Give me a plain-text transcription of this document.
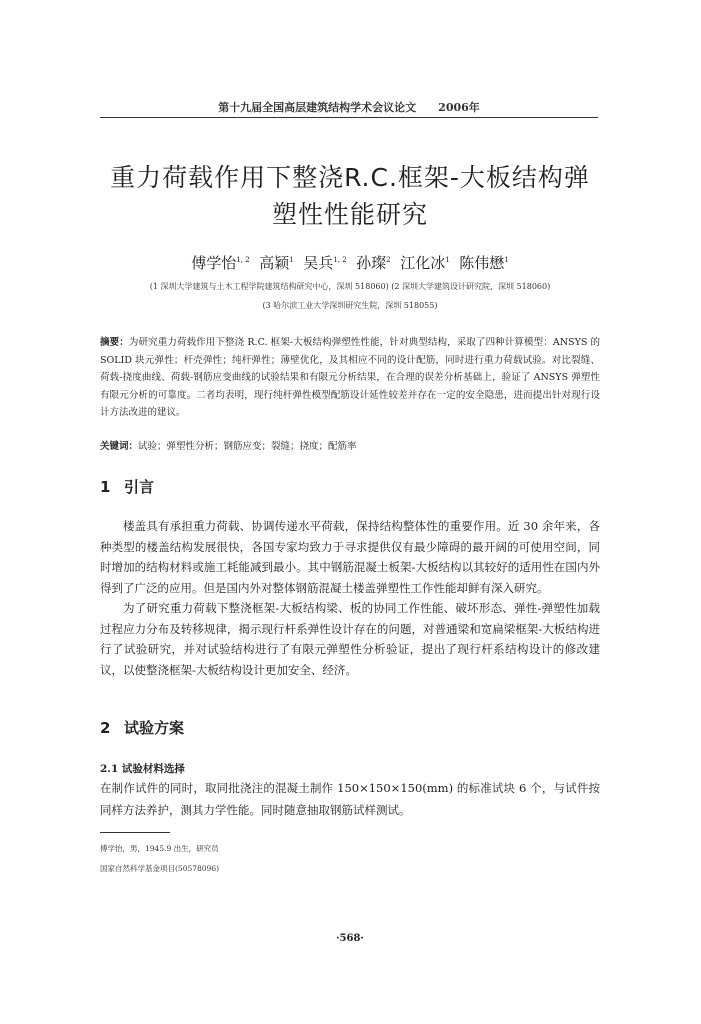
第十九届全国高层建筑结构学术会议论文　　2006年
重力荷载作用下整浇R.C.框架-大板结构弹
塑性性能研究
傅学怡$^{1, 2}$ 高颖$^1$ 吴兵$^{1, 2}$ 孙璨$^2$ 江化冰$^1$ 陈伟懋$^1$
(1 深圳大学建筑与土木工程学院建筑结构研究中心，深圳 518060) (2 深圳大学建筑设计研究院，深圳 518060)
(3 哈尔滨工业大学深圳研究生院，深圳 518055)
摘要：为研究重力荷载作用下整浇 R.C. 框架-大板结构弹塑性性能，针对典型结构，采取了四种计算模型：ANSYS 的 SOLID 块元弹性；杆壳弹性；纯杆弹性；薄壁优化，及其相应不同的设计配筋，同时进行重力荷载试验。对比裂缝、荷载-挠度曲线、荷载-钢筋应变曲线的试验结果和有限元分析结果，在合理的误差分析基础上，验证了 ANSYS 弹塑性有限元分析的可靠度。二者均表明，现行纯杆弹性模型配筋设计延性较差并存在一定的安全隐患，进而提出针对现行设计方法改进的建议。
关键词：试验；弹塑性分析；钢筋应变；裂缝；挠度；配筋率
1 引言

楼盖具有承担重力荷载、协调传递水平荷载，保持结构整体性的重要作用。近 30 余年来，各种类型的楼盖结构发展很快，各国专家均致力于寻求提供仅有最少障碍的最开阔的可使用空间，同时增加的结构材料或施工耗能减到最小。其中钢筋混凝土板架-大板结构以其较好的适用性在国内外得到了广泛的应用。但是国内外对整体钢筋混凝土楼盖弹塑性工作性能却鲜有深入研究。

为了研究重力荷载下整浇框架-大板结构梁、板的协同工作性能、破坏形态、弹性-弹塑性加载过程应力分布及转移规律，揭示现行杆系弹性设计存在的问题，对普通梁和宽扁梁框架-大板结构进行了试验研究，并对试验结构进行了有限元弹塑性分析验证，提出了现行杆系结构设计的修改建议，以使整浇框架-大板结构设计更加安全、经济。

2 试验方案
2.1 试验材料选择
在制作试件的同时，取同批浇注的混凝土制作 150×150×150(mm) 的标准试块 6 个，与试件按同样方法养护，测其力学性能。同时随意抽取钢筋试样测试。
傅学怡，男，1945.9 出生，研究员
国家自然科学基金项目(50578096)
·568·
